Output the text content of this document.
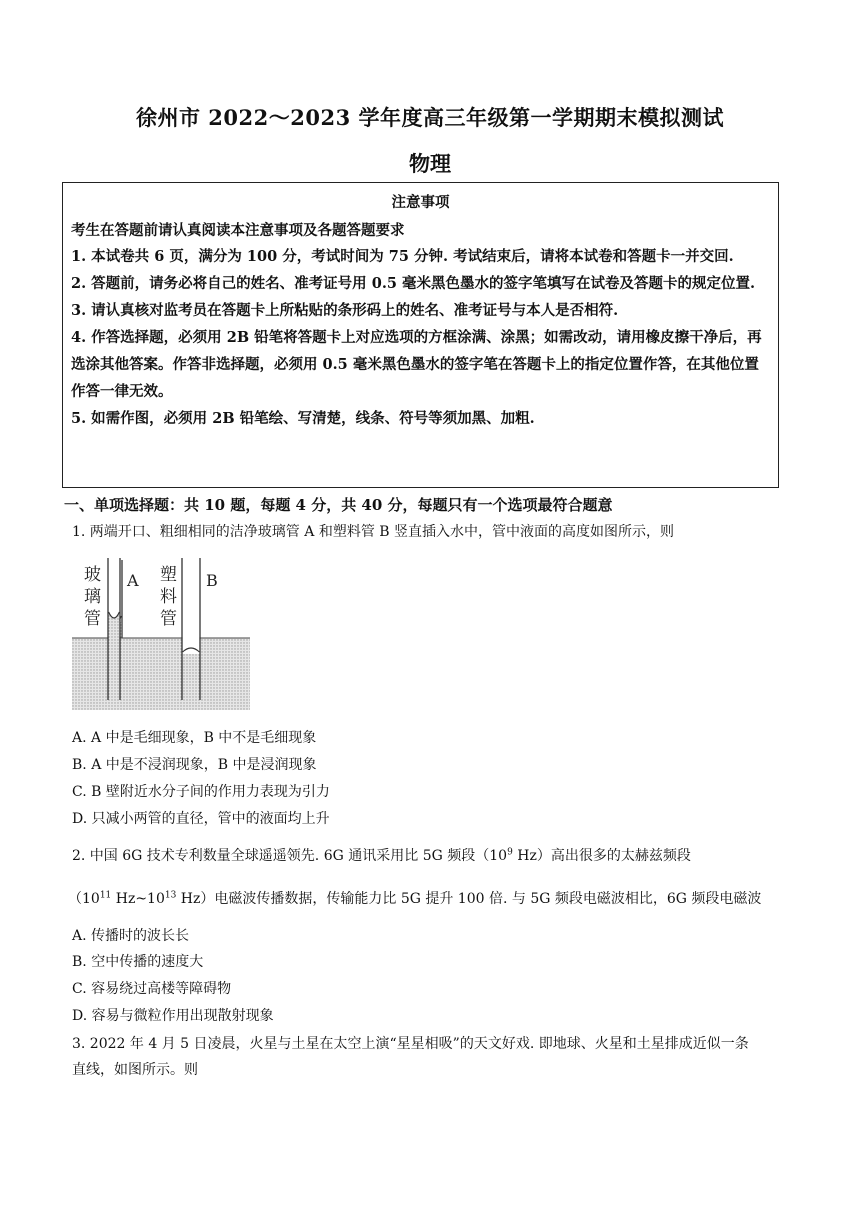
徐州市 2022～2023 学年度高三年级第一学期期末模拟测试
物理
注意事项
考生在答题前请认真阅读本注意事项及各题答题要求

1. 本试卷共 6 页，满分为 100 分，考试时间为 75 分钟. 考试结束后，请将本试卷和答题卡一并交回.

2. 答题前，请务必将自己的姓名、准考证号用 0.5 毫米黑色墨水的签字笔填写在试卷及答题卡的规定位置.

3. 请认真核对监考员在答题卡上所粘贴的条形码上的姓名、准考证号与本人是否相符.

4. 作答选择题，必须用 2B 铅笔将答题卡上对应选项的方框涂满、涂黑；如需改动，请用橡皮擦干净后，再选涂其他答案。作答非选择题，必须用 0.5 毫米黑色墨水的签字笔在答题卡上的指定位置作答，在其他位置作答一律无效。

5. 如需作图，必须用 2B 铅笔绘、写清楚，线条、符号等须加黑、加粗.

一、单项选择题：共 10 题，每题 4 分，共 40 分，每题只有一个选项最符合题意
1. 两端开口、粗细相同的洁净玻璃管 A 和塑料管 B 竖直插入水中，管中液面的高度如图所示，则
玻
璃
管
A 塑
料
管
B
A. A 中是毛细现象，B 中不是毛细现象
B. A 中是不浸润现象，B 中是浸润现象
C. B 壁附近水分子间的作用力表现为引力
D. 只减小两管的直径，管中的液面均上升
2. 中国 6G 技术专利数量全球遥遥领先. 6G 通讯采用比 5G 频段（$10^9$ Hz）高出很多的太赫兹频段
（$10^{11}$ $Hz\sim 10^{13}$ Hz）电磁波传播数据，传输能力比 5G 提升 100 倍. 与 5G 频段电磁波相比，6G 频段电磁波
A. 传播时的波长长
B. 空中传播的速度大
C. 容易绕过高楼等障碍物
D. 容易与微粒作用出现散射现象
3. 2022 年 4 月 5 日凌晨，火星与土星在太空上演“星星相吸”的天文好戏. 即地球、火星和土星排成近似一条
直线，如图所示。则
